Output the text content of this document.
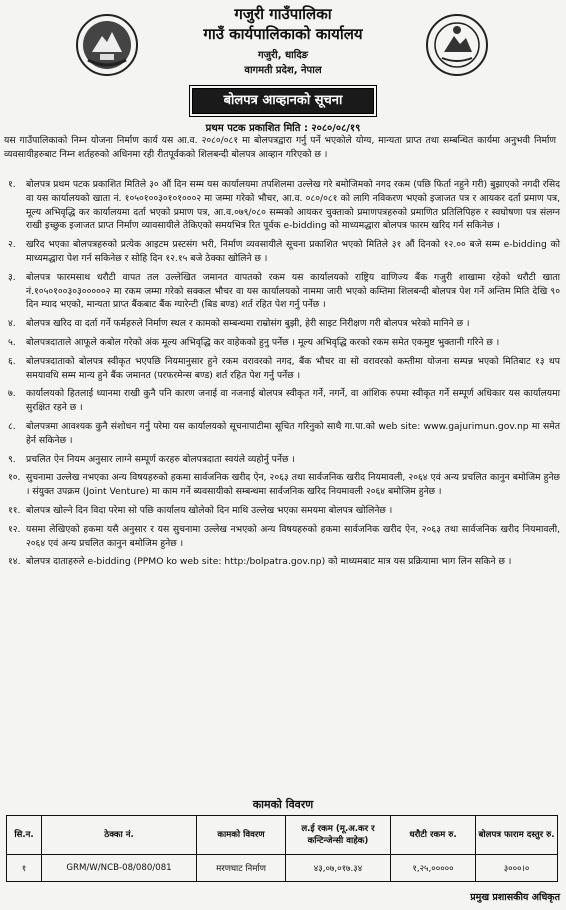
गजुरी गाउँपालिका
गाउँ कार्यपालिकाको कार्यालय
गजुरी, धादिङ
वागमती प्रदेश, नेपाल
बोलपत्र आव्हानको सूचना
प्रथम पटक प्रकाशित मिति : २०८०/०८/१९
यस गाउँपालिकाको निम्न योजना निर्माण कार्य यस आ.व. २०८०/०८१ मा बोलपत्रद्वारा गर्नु पर्ने भएकोले योग्य, मान्यता प्राप्त तथा सम्बन्धित कार्यमा अनुभवी निर्माण व्यवसायीहरुबाट निम्न शर्तहरुको अधिनमा रही रीतपूर्वकको शिलबन्दी बोलपत्र आव्हान गरिएको छ ।
१. बोलपत्र प्रथम पटक प्रकाशित मितिले ३० औं दिन सम्म यस कार्यालयमा तपशिलमा उल्लेख गरे बमोजिमको नगद रकम (पछि फिर्ता नहुने गरी) बुझाएको नगदी रसिद वा यस कार्यालयको खाता नं. १०५०१००३०१०१०००२ मा जम्मा गरेको भौचर, आ.व. ०८०/०८१ को लागि नविकरण भएको इजाजत पत्र र आयकर दर्ता प्रमाण पत्र, मूल्य अभिवृद्धि कर कार्यालयमा दर्ता भएको प्रमाण पत्र, आ.व.०७९/०८० सम्मको आयकर चुक्ताको प्रमाणपत्रहरुको प्रमाणित प्रतिलिपिहरु र स्वघोषणा पत्र संलग्न राखी इच्छुक इजाजत प्राप्त निर्माण व्यावसायीले तेकिएको समयभित्र रित पूर्वक e-bidding को माध्यमद्धारा बोलपत्र फारम खरिद गर्न सकिनेछ ।
२. खरिद भएका बोलपत्रहरुको प्रत्येक आइटम प्रस्टसंग भरी, निर्माण व्यवसायीले सूचना प्रकाशित भएको मितिले ३१ औं दिनको १२.०० बजे सम्म e-bidding को माध्यमद्धारा पेश गर्न सकिनेछ र सोहि दिन १२.१५ बजे ठेक्का खोलिने छ ।
३. बोलपत्र फारमसाथ धरौटी वापत तल उल्लेखित जमानत वापतको रकम यस कार्यालयको राष्ट्रिय वाणिज्य बैंक गजुरी शाखामा रहेको धरौटी खाता नं.१०५०१००३०३०००००२ मा रकम जम्मा गरेको सक्कल भौचर वा यस कार्यालयको नाममा जारी भएको कम्तिमा शिलबन्दी बोलपत्र पेश गर्ने अन्तिम मिति देखि ९० दिन म्याद भएको, मान्यता प्राप्त बैंकबाट बैंक ग्यारेन्टी (बिड बण्ड) शर्त रहित पेश गर्नु पर्नेछ ।
४. बोलपत्र खरिद वा दर्ता गर्ने फर्महरुले निर्माण स्थल र कामको सम्बन्धमा राम्रोसंग बुझी, हेरी साइट निरीक्षण गरी बोलपत्र भरेको मानिने छ ।
५. बोलपत्रदाताले आफूले कबोल गरेको अंक मूल्य अभिवृद्धि कर वाहेकको हुनु पर्नेछ । मूल्य अभिवृद्धि करको रकम समेत एकमुष्ट भुक्तानी गरिने छ ।
६. बोलपत्रदाताको बोलपत्र स्वीकृत भएपछि नियमानुसार हुने रकम वरावरको नगद, बैंक भौचर वा सो वरावरको कम्तीमा योजना सम्पन्न भएको मितिबाट १३ थप समयावधि सम्म मान्य हुने बैंक जमानत (परफरमेन्स बण्ड) शर्त रहित पेश गर्नु पर्नेछ ।
७. कार्यालयको हितलाई ध्यानमा राखी कुनै पनि कारण जनाई वा नजनाई बोलपत्र स्वीकृत गर्ने, नगर्ने, वा आंशिक रुपमा स्वीकृत गर्ने सम्पूर्ण अधिकार यस कार्यालयमा सुरक्षित रहने छ ।
८. बोलपत्रमा आवश्यक कुनै संशोधन गर्नु परेमा यस कार्यालयको सूचनापाटीमा सूचित गरिनुको साथै गा.पा.को web site: www.gajurimun.gov.np मा समेत हेर्न सकिनेछ ।
९. प्रचलित ऐन नियम अनुसार लाग्ने सम्पूर्ण करहरु बोलपत्रदाता स्वयंले व्यहोर्नु पर्नेछ ।
१०. सुचनामा उल्लेख नभएका अन्य विषयहरुको हकमा सार्वजनिक खरीद ऐन, २०६३ तथा सार्वजनिक खरीद नियमावली, २०६४ एवं अन्य प्रचलित कानुन बमोजिम हुनेछ । संयुक्त उपक्रम (Joint Venture) मा काम गर्ने ब्यवसायीको सम्बन्धमा सार्वजनिक खरिद नियमावली २०६४ बमोजिम हुनेछ ।
११. बोलपत्र खोल्ने दिन विदा परेमा सो पछि कार्यालय खोलेको दिन माथि उल्लेख भएका समयमा बोलपत्र खोलिनेछ ।
१२. यसमा लेखिएको हकमा यसै अनुसार र यस सुचनामा उल्लेख नभएको अन्य विषयहरुको हकमा सार्वजनिक खरीद ऐन, २०६३ तथा सार्वजनिक खरीद नियमावली, २०६४ एवं अन्य प्रचलित कानुन बमोजिम हुनेछ ।
१४. बोलपत्र दाताहरुले e-bidding (PPMO ko web site: http:/bolpatra.gov.np) को माध्यमबाट मात्र यस प्रक्रियामा भाग लिन सकिने छ ।
कामको विवरण
सि.न.	ठेक्का नं.	कामको विवरण	ल.ई रकम (मू.अ.कर र कन्टिन्जेन्सी वाहेक)	धरौटी रकम रु.	बोलपत्र फाराम दस्तुर रु.
१	GRM/W/NCB-08/080/081	मरणघाट निर्माण	४३,०७,०१७.३४	१,२५,०००००	३०००।०
प्रमुख प्रशासकीय अधिकृत
